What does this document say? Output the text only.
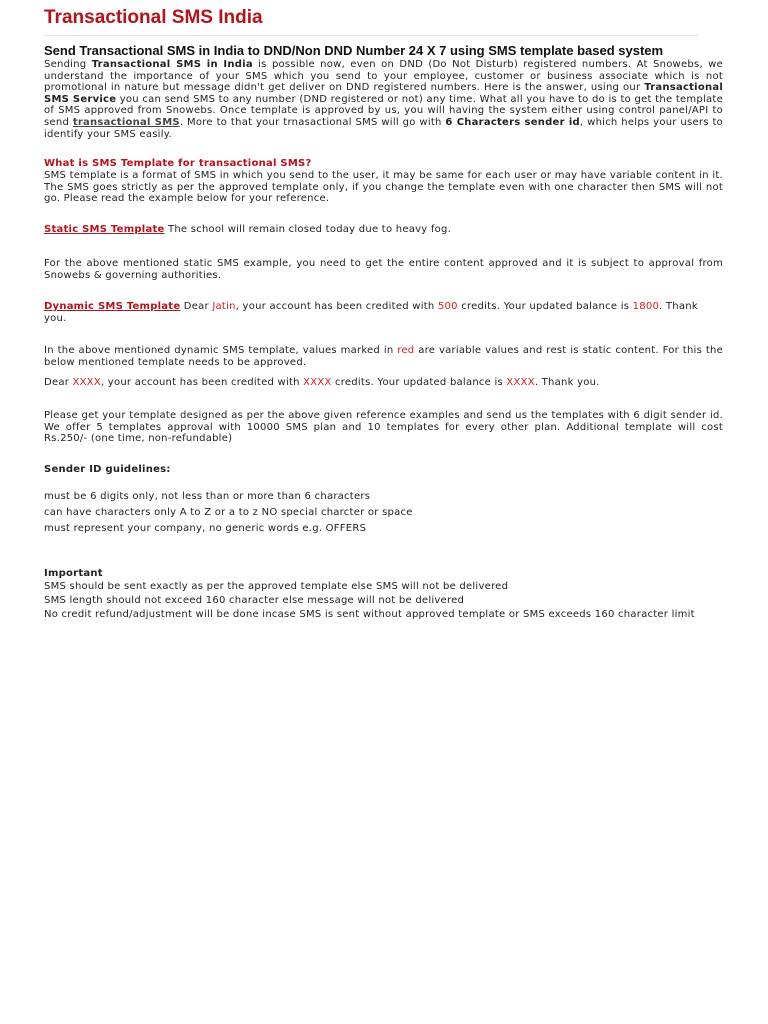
Transactional SMS India
Send Transactional SMS in India to DND/Non DND Number 24 X 7 using SMS template based system
Sending Transactional SMS in India is possible now, even on DND (Do Not Disturb) registered numbers. At Snowebs, we understand the importance of your SMS which you send to your employee, customer or business associate which is not promotional in nature but message didn't get deliver on DND registered numbers. Here is the answer, using our Transactional SMS Service you can send SMS to any number (DND registered or not) any time. What all you have to do is to get the template of SMS approved from Snowebs. Once template is approved by us, you will having the system either using control panel/API to send transactional SMS. More to that your trnasactional SMS will go with 6 Characters sender id, which helps your users to identify your SMS easily.
What is SMS Template for transactional SMS?
SMS template is a format of SMS in which you send to the user, it may be same for each user or may have variable content in it. The SMS goes strictly as per the approved template only, if you change the template even with one character then SMS will not go. Please read the example below for your reference.
Static SMS Template The school will remain closed today due to heavy fog.
For the above mentioned static SMS example, you need to get the entire content approved and it is subject to approval from Snowebs & governing authorities.
Dynamic SMS Template Dear Jatin, your account has been credited with 500 credits. Your updated balance is 1800. Thank you.
In the above mentioned dynamic SMS template, values marked in red are variable values and rest is static content. For this the below mentioned template needs to be approved.
Dear XXXX, your account has been credited with XXXX credits. Your updated balance is XXXX. Thank you.
Please get your template designed as per the above given reference examples and send us the templates with 6 digit sender id. We offer 5 templates approval with 10000 SMS plan and 10 templates for every other plan. Additional template will cost Rs.250/- (one time, non-refundable)
Sender ID guidelines:
must be 6 digits only, not less than or more than 6 characters
can have characters only A to Z or a to z NO special charcter or space
must represent your company, no generic words e.g. OFFERS
Important
SMS should be sent exactly as per the approved template else SMS will not be delivered
SMS length should not exceed 160 character else message will not be delivered
No credit refund/adjustment will be done incase SMS is sent without approved template or SMS exceeds 160 character limit
